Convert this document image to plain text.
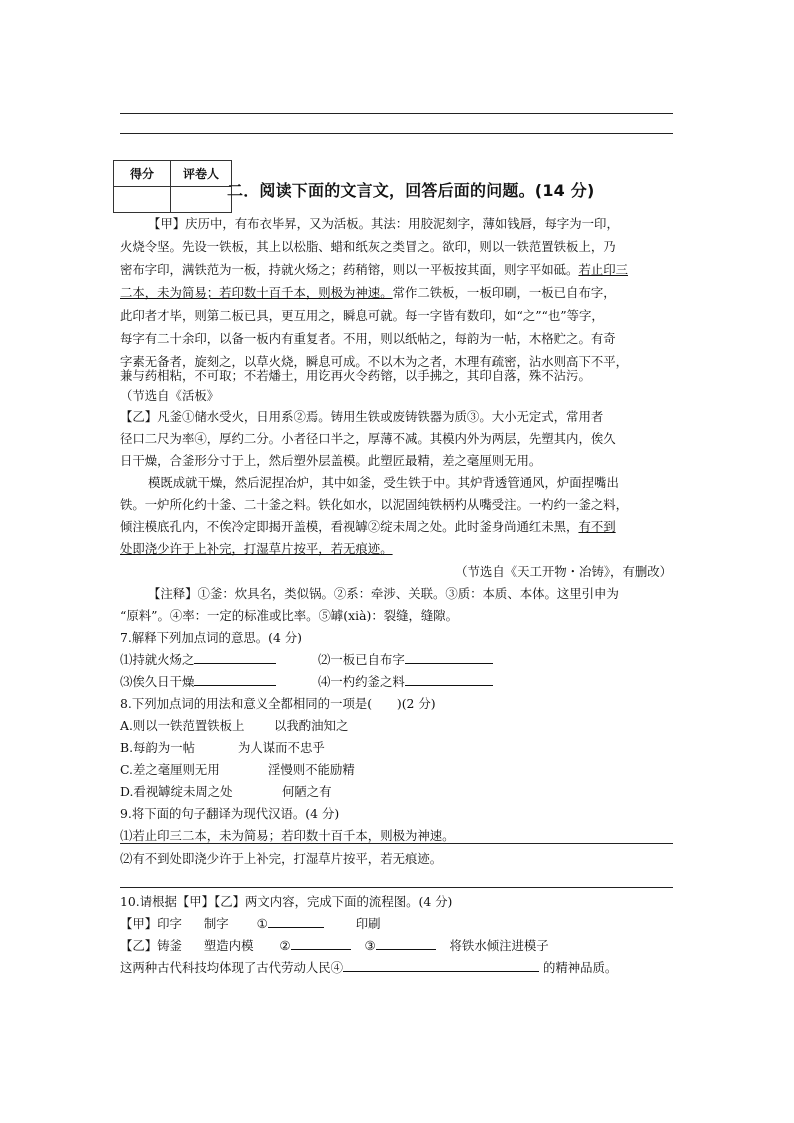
得分	评卷人

二．阅读下面的文言文，回答后面的问题。(14 分)
【甲】庆历中，有布衣毕昇，又为活板。其法：用胶泥刻字，薄如钱唇，每字为一印，
火烧令坚。先设一铁板，其上以松脂、蜡和纸灰之类冒之。欲印，则以一铁范置铁板上，乃
密布字印，满铁范为一板，持就火炀之；药稍镕，则以一平板按其面，则字平如砥。若止印三
二本，未为简易；若印数十百千本，则极为神速。常作二铁板，一板印刷，一板已自布字，
此印者才毕，则第二板已具，更互用之，瞬息可就。每一字皆有数印，如“之”“也”等字，
每字有二十余印，以备一板内有重复者。不用，则以纸帖之，每韵为一帖，木格贮之。有奇
字素无备者，旋刻之，以草火烧，瞬息可成。不以木为之者，木理有疏密，沾水则高下不平，
兼与药相粘，不可取；不若燔土，用讫再火令药镕，以手拂之，其印自落，殊不沾污。
（节选自《活板》
【乙】凡釜①储水受火，日用系②焉。铸用生铁或废铸铁器为质③。大小无定式，常用者
径口二尺为率④，厚约二分。小者径口半之，厚薄不减。其模内外为两层，先塑其内，俟久
日干燥，合釜形分寸于上，然后塑外层盖模。此塑匠最精，差之毫厘则无用。
模既成就干燥，然后泥捏冶炉，其中如釜，受生铁于中。其炉背透管通风，炉面捏嘴出
铁。一炉所化约十釜、二十釜之料。铁化如水，以泥固纯铁柄杓从嘴受注。一杓约一釜之料，
倾注模底孔内，不俟冷定即揭开盖模，看视罅②绽未周之处。此时釜身尚通红未黑，有不到
处即浇少许于上补完，打湿草片按平，若无痕迹。
（节选自《天工开物・冶铸》，有删改）
【注释】①釜：炊具名，类似锅。②系：牵涉、关联。③质：本质、本体。这里引申为
“原料”。④率：一定的标准或比率。⑤罅(xià)：裂缝，缝隙。
7.解释下列加点词的意思。(4 分)
⑴持就火炀之	⑵一板已自布字
⑶俟久日干燥	⑷一杓约釜之料
8.下列加点词的用法和意义全都相同的一项是(　　)(2 分)
A.则以一铁范置铁板上 以我酌油知之
B.每韵为一帖	为人谋而不忠乎
C.差之毫厘则无用	淫慢则不能励精
D.看视罅绽未周之处	何陋之有
9.将下面的句子翻译为现代汉语。(4 分)
⑴若止印三二本，未为简易；若印数十百千本，则极为神速。
⑵有不到处即浇少许于上补完，打湿草片按平，若无痕迹。
10.请根据【甲】【乙】两文内容，完成下面的流程图。(4 分)
【甲】印字 制字 ①	印刷
【乙】铸釜 塑造内模 ②	③	将铁水倾注进模子
这两种古代科技均体现了古代劳动人民④	的精神品质。
